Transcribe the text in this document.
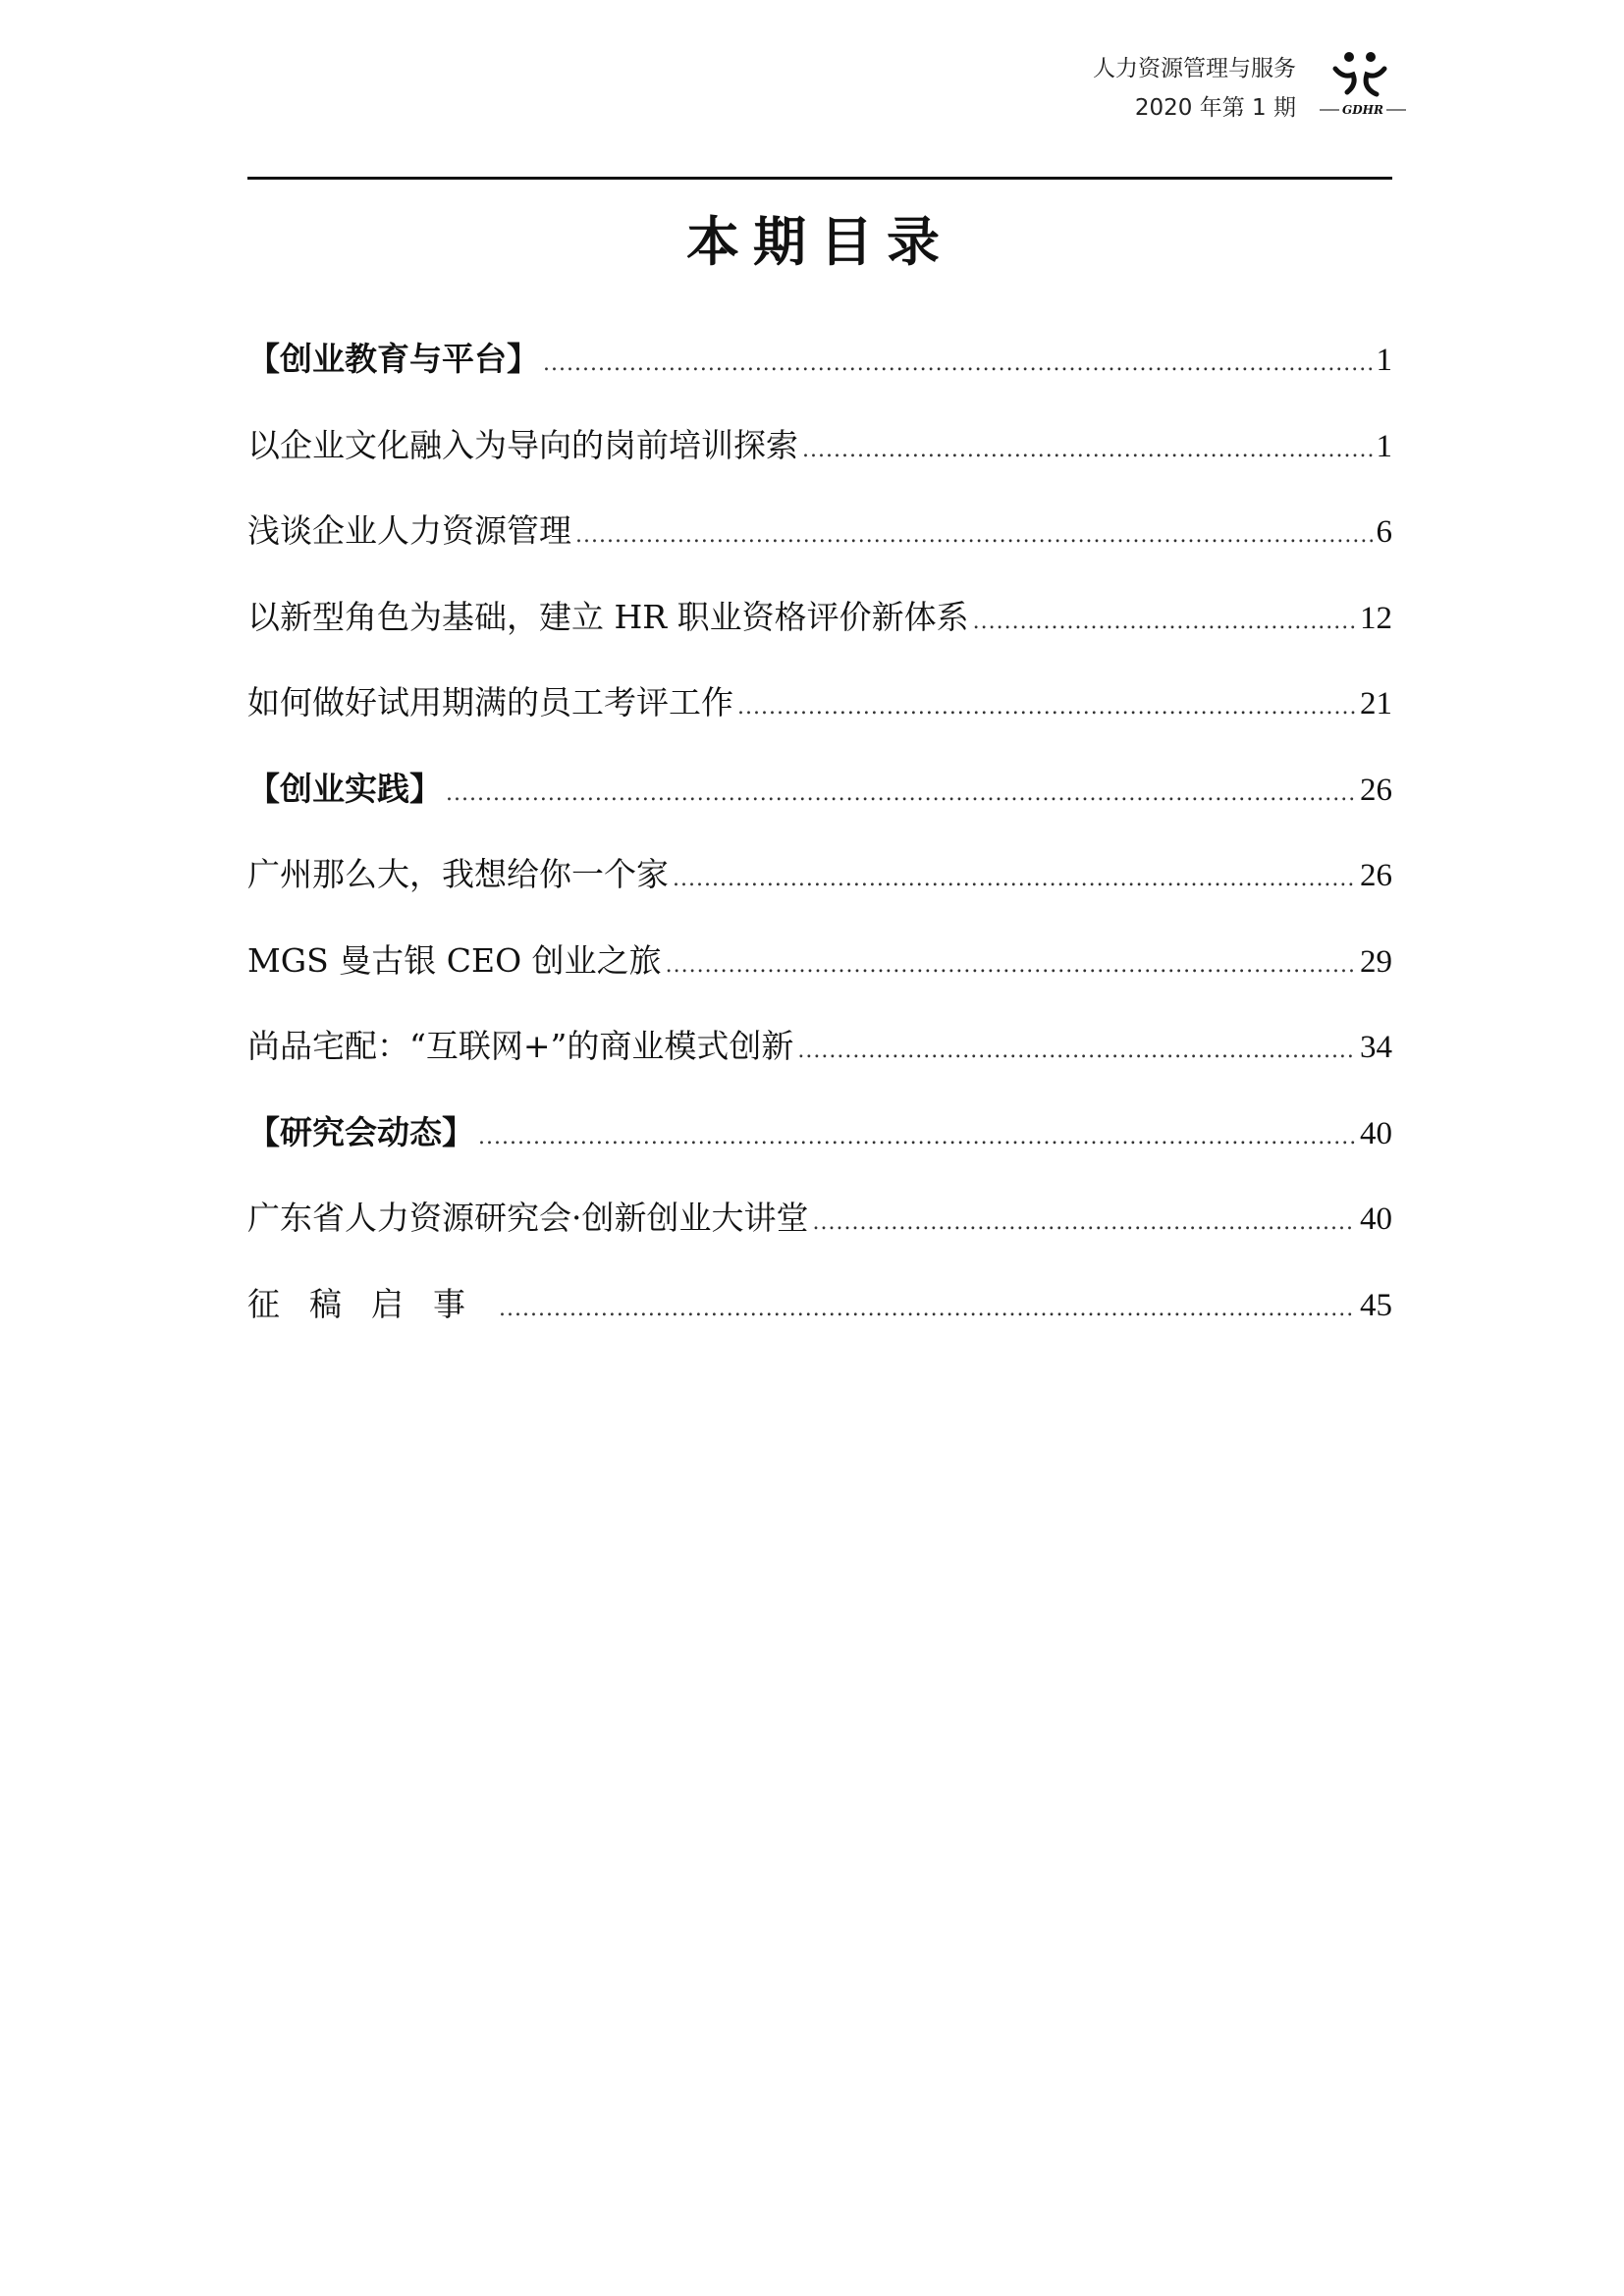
人力资源管理与服务
2020 年第 1 期	GDHR
本期目录
【创业教育与平台】 .....	1
以企业文化融入为导向的岗前培训探索 .....	1
浅谈企业人力资源管理 .....	6
以新型角色为基础，建立 HR 职业资格评价新体系 .....	12
如何做好试用期满的员工考评工作 .....	21
【创业实践】 .....	26
广州那么大，我想给你一个家 .....	26
MGS 曼古银 CEO 创业之旅 .....	29
尚品宅配：“互联网+”的商业模式创新 .....	34
【研究会动态】 .....	40
广东省人力资源研究会·创新创业大讲堂 .....	40
征稿启事 .....	45
